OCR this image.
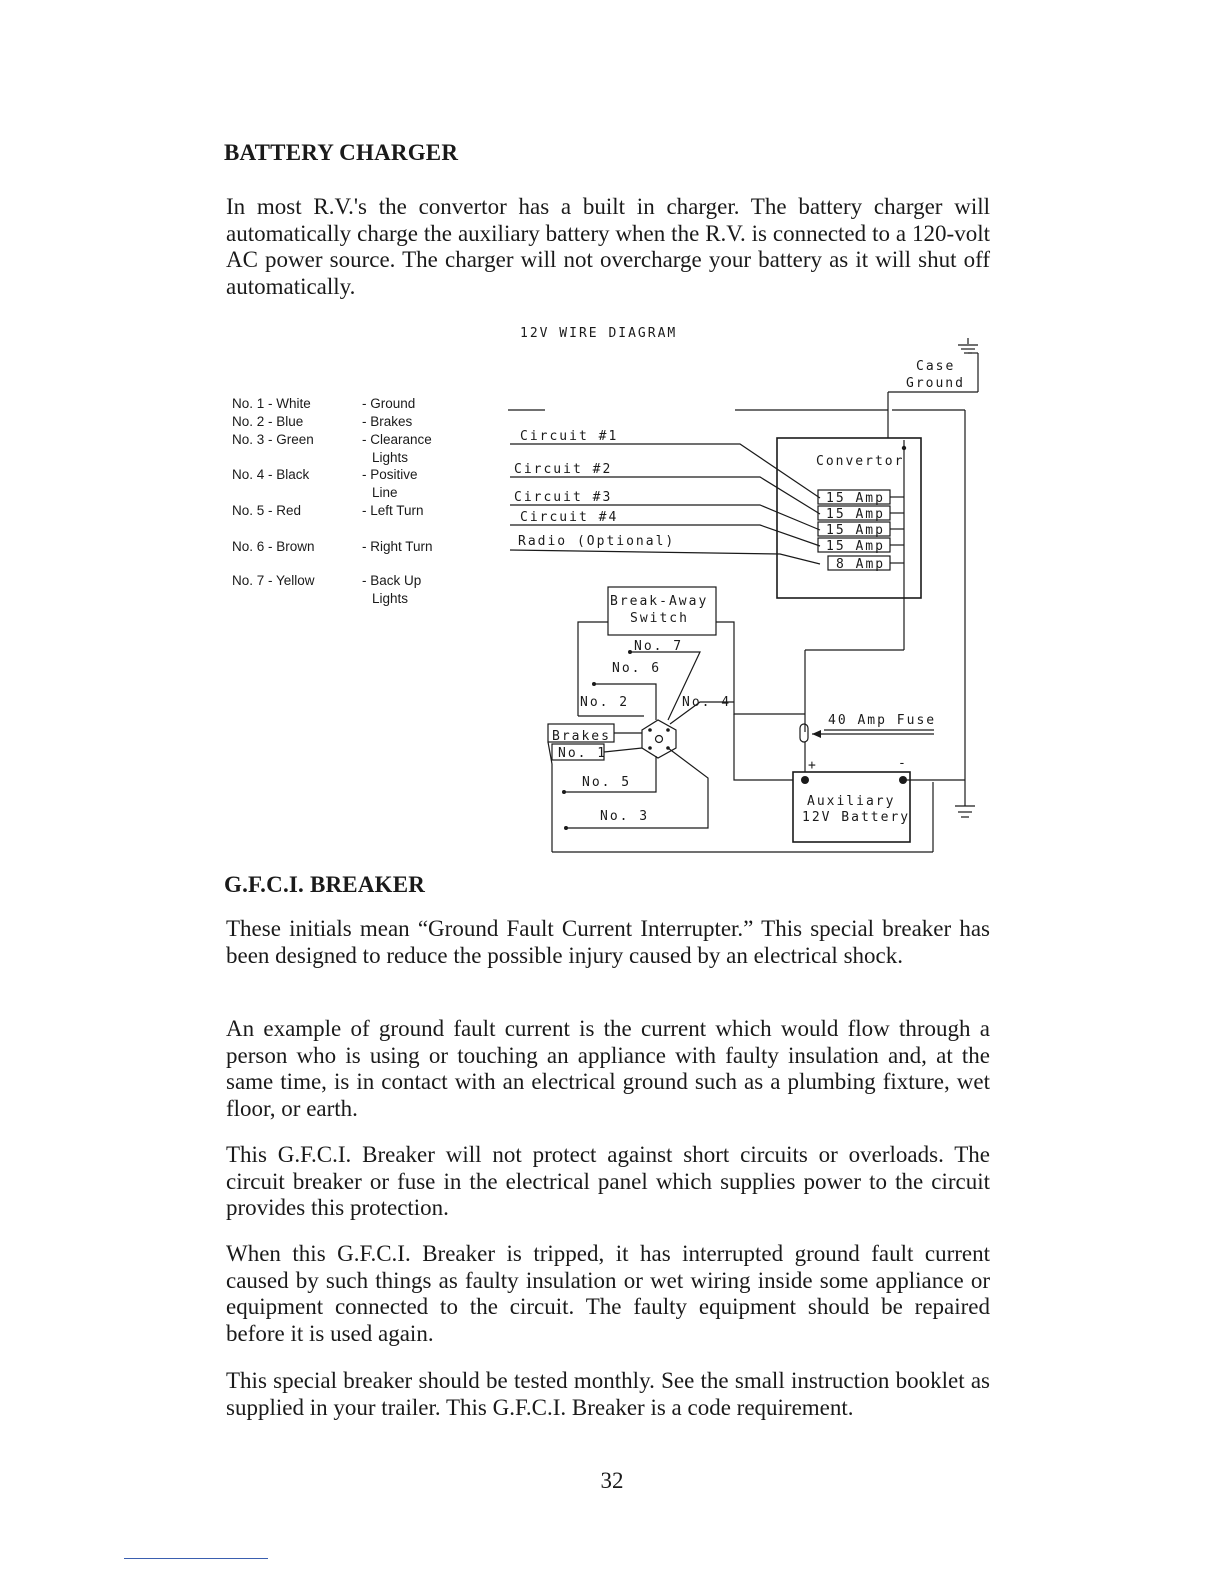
BATTERY CHARGER

In most R.V.'s the convertor has a built in charger. The battery charger will automatically charge the auxiliary battery when the R.V. is connected to a 120-volt AC power source. The charger will not overcharge your battery as it will shut off automatically.

12V WIRE DIAGRAM
Case
Ground
No. 1 - White	- Ground
No. 2 - Blue	- Brakes
No. 3 - Green	- Clearance
Lights
No. 4 - Black	- Positive
Line
No. 5 - Red	- Left Turn
No. 6 - Brown	- Right Turn
No. 7 - Yellow	- Back Up
Lights
Circuit #1
Circuit #2
Circuit #3
Circuit #4
Radio (Optional)
Convertor
15 Amp
15 Amp
15 Amp
15 Amp
8 Amp
40 Amp Fuse
Auxiliary
12V Battery
+	-
Break-Away
Switch
No. 7
No. 6
No. 2	No. 4
Brakes
No. 1
No. 5
No. 3
G.F.C.I. BREAKER

These initials mean “Ground Fault Current Interrupter.” This special breaker has been designed to reduce the possible injury caused by an electrical shock.

An example of ground fault current is the current which would flow through a person who is using or touching an appliance with faulty insulation and, at the same time, is in contact with an electrical ground such as a plumbing fixture, wet floor, or earth.

This G.F.C.I. Breaker will not protect against short circuits or overloads. The circuit breaker or fuse in the electrical panel which supplies power to the circuit provides this protection.

When this G.F.C.I. Breaker is tripped, it has interrupted ground fault current caused by such things as faulty insulation or wet wiring inside some appliance or equipment connected to the circuit. The faulty equipment should be repaired before it is used again.

This special breaker should be tested monthly. See the small instruction booklet as supplied in your trailer. This G.F.C.I. Breaker is a code requirement.

32
